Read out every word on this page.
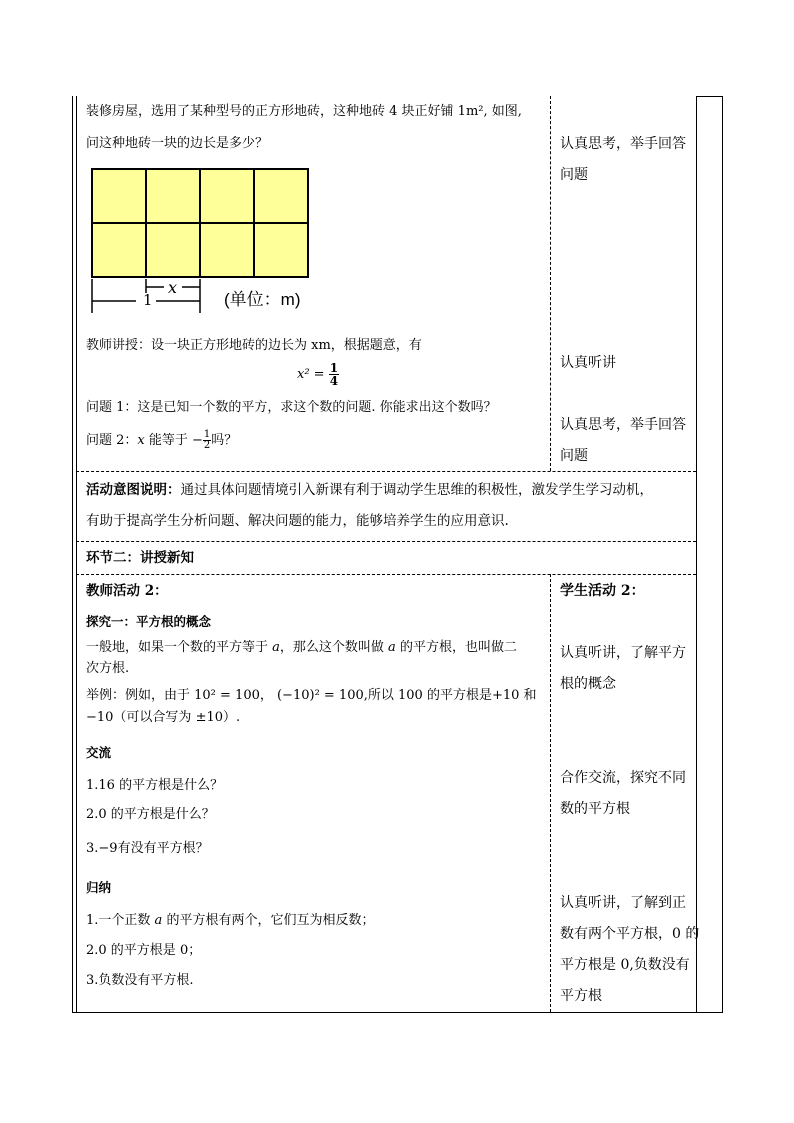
装修房屋，选用了某种型号的正方形地砖，这种地砖 4 块正好铺 1m², 如图,
问这种地砖一块的边长是多少？
x
1	(单位：m)
教师讲授：设一块正方形地砖的边长为 xm，根据题意，有
$x^2 = \frac{1}{4}$
问题 1：这是已知一个数的平方，求这个数的问题. 你能求出这个数吗？
问题 2：x 能等于 − $\frac{1}{2}$ 吗？
认真思考，举手回答
问题
认真听讲
认真思考，举手回答
问题
活动意图说明：通过具体问题情境引入新课有利于调动学生思维的积极性，激发学生学习动机，
有助于提高学生分析问题、解决问题的能力，能够培养学生的应用意识.
环节二：讲授新知
教师活动 2：	学生活动 2：
探究一：平方根的概念
一般地，如果一个数的平方等于 a，那么这个数叫做 a 的平方根，也叫做二
次方根.
举例：例如，由于 10² = 100， (−10)² = 100,所以 100 的平方根是+10 和
−10（可以合写为 ±10）.
交流
1.16 的平方根是什么？
2.0 的平方根是什么？
3.−9有没有平方根？
归纳
1.一个正数 a 的平方根有两个，它们互为相反数；
2.0 的平方根是 0；
3.负数没有平方根.
认真听讲，了解平方
根的概念
合作交流，探究不同
数的平方根
认真听讲，了解到正
数有两个平方根，0 的
平方根是 0,负数没有
平方根
